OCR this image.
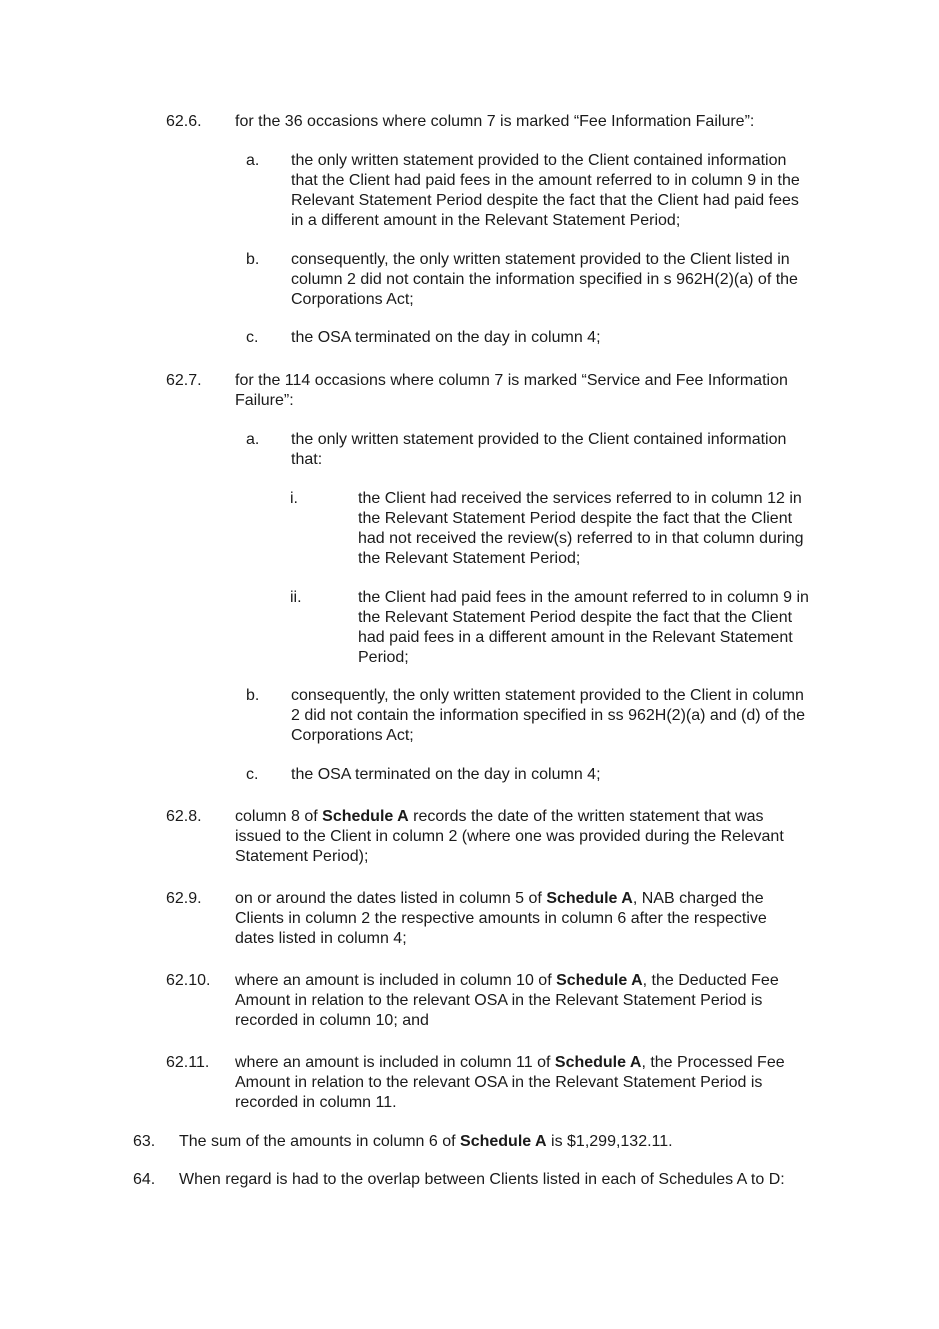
62.6. for the 36 occasions where column 7 is marked “Fee Information Failure”:
a. the only written statement provided to the Client contained information
that the Client had paid fees in the amount referred to in column 9 in the
Relevant Statement Period despite the fact that the Client had paid fees
in a different amount in the Relevant Statement Period;
b. consequently, the only written statement provided to the Client listed in
column 2 did not contain the information specified in s 962H(2)(a) of the
Corporations Act;
c. the OSA terminated on the day in column 4;
62.7. for the 114 occasions where column 7 is marked “Service and Fee Information
Failure”:
a. the only written statement provided to the Client contained information
that:
i.	the Client had received the services referred to in column 12 in
the Relevant Statement Period despite the fact that the Client
had not received the review(s) referred to in that column during
the Relevant Statement Period;
ii.	the Client had paid fees in the amount referred to in column 9 in
the Relevant Statement Period despite the fact that the Client
had paid fees in a different amount in the Relevant Statement
Period;
b. consequently, the only written statement provided to the Client in column
2 did not contain the information specified in ss 962H(2)(a) and (d) of the
Corporations Act;
c. the OSA terminated on the day in column 4;
62.8. column 8 of Schedule A records the date of the written statement that was
issued to the Client in column 2 (where one was provided during the Relevant
Statement Period);
62.9. on or around the dates listed in column 5 of Schedule A, NAB charged the
Clients in column 2 the respective amounts in column 6 after the respective
dates listed in column 4;
62.10. where an amount is included in column 10 of Schedule A, the Deducted Fee
Amount in relation to the relevant OSA in the Relevant Statement Period is
recorded in column 10; and
62.11. where an amount is included in column 11 of Schedule A, the Processed Fee
Amount in relation to the relevant OSA in the Relevant Statement Period is
recorded in column 11.
63. The sum of the amounts in column 6 of Schedule A is $1,299,132.11.
64. When regard is had to the overlap between Clients listed in each of Schedules A to D:
